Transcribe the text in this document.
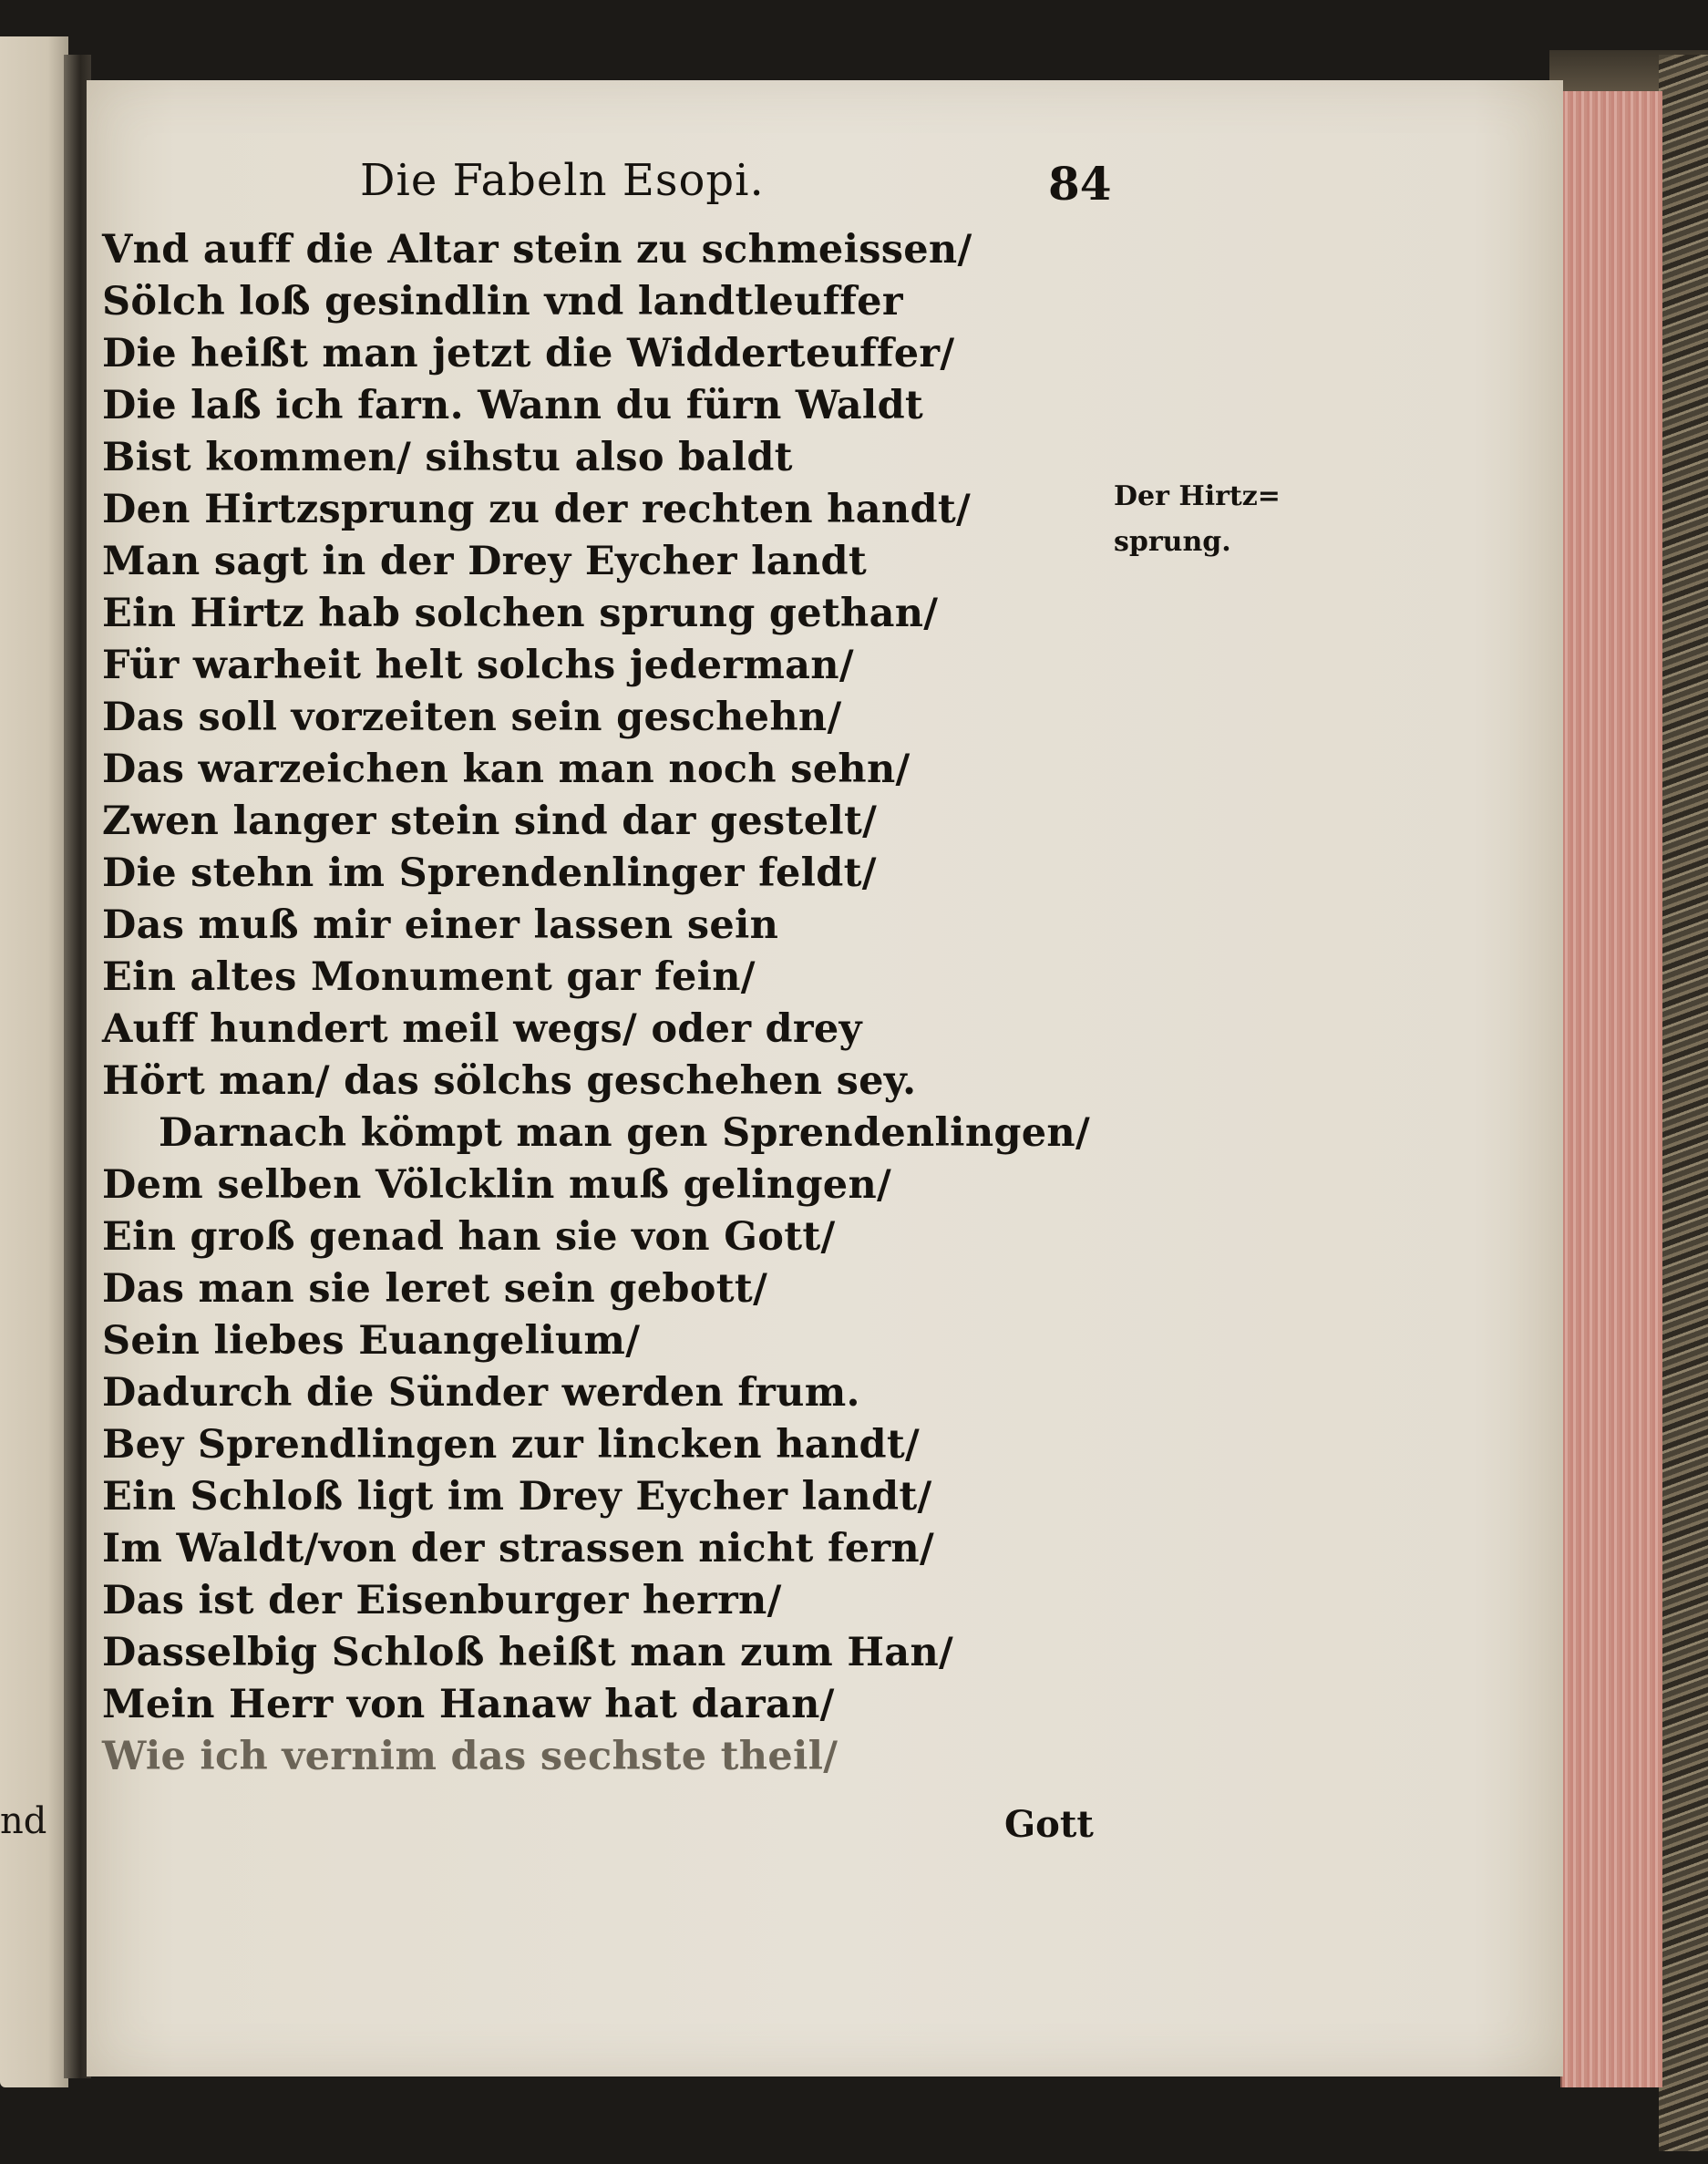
nd
Die Fabeln Esopi.	84
Vnd auff die Altar stein zu schmeissen/
Sölch loß gesindlin vnd landtleuffer
Die heißt man jetzt die Widderteuffer/
Die laß ich farn. Wann du fürn Waldt
Bist kommen/ sihstu also baldt
Den Hirtzsprung zu der rechten handt/
Man sagt in der Drey Eycher landt
Ein Hirtz hab solchen sprung gethan/
Für warheit helt solchs jederman/
Das soll vorzeiten sein geschehn/
Das warzeichen kan man noch sehn/
Zwen langer stein sind dar gestelt/
Die stehn im Sprendenlinger feldt/
Das muß mir einer lassen sein
Ein altes Monument gar fein/
Auff hundert meil wegs/ oder drey
Hört man/ das sölchs geschehen sey.
Darnach kömpt man gen Sprendenlingen/
Dem selben Völcklin muß gelingen/
Ein groß genad han sie von Gott/
Das man sie leret sein gebott/
Sein liebes Euangelium/
Dadurch die Sünder werden frum.
Bey Sprendlingen zur lincken handt/
Ein Schloß ligt im Drey Eycher landt/
Im Waldt/von der strassen nicht fern/
Das ist der Eisenburger herrn/
Dasselbig Schloß heißt man zum Han/
Mein Herr von Hanaw hat daran/
Wie ich vernim das sechste theil/
Der Hirtz=
sprung.
Gott
